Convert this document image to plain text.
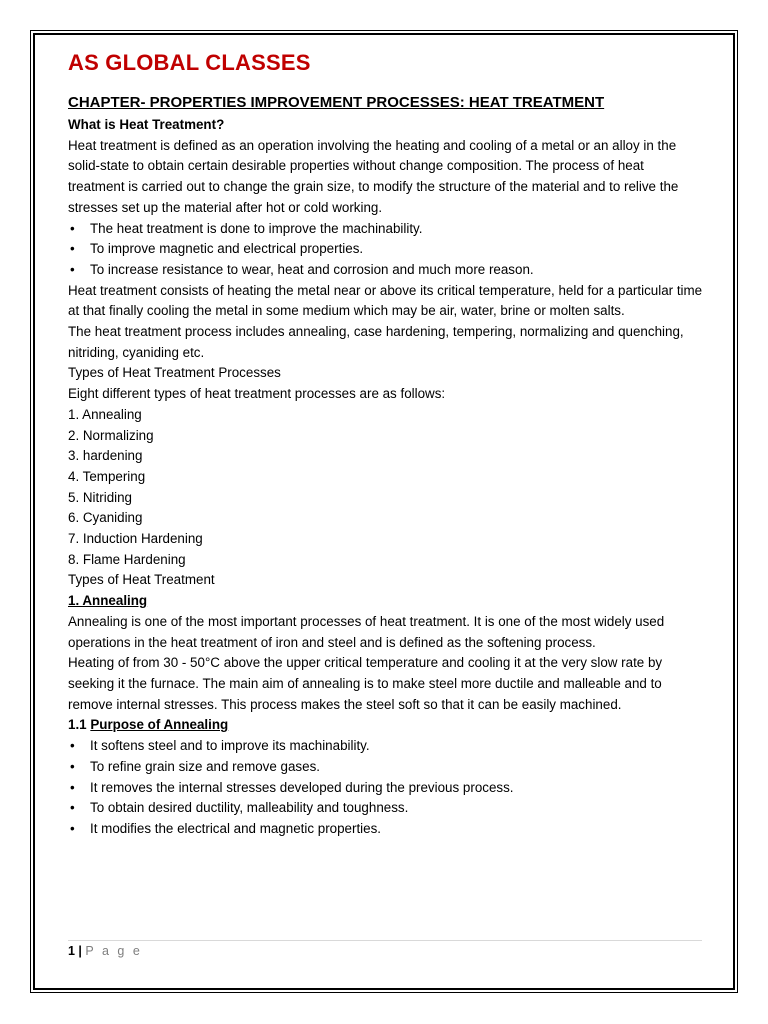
AS GLOBAL CLASSES
CHAPTER- PROPERTIES IMPROVEMENT PROCESSES: HEAT TREATMENT

What is Heat Treatment?

Heat treatment is defined as an operation involving the heating and cooling of a metal or an alloy in the solid-state to obtain certain desirable properties without change composition. The process of heat treatment is carried out to change the grain size, to modify the structure of the material and to relive the stresses set up the material after hot or cold working.

• The heat treatment is done to improve the machinability.
• To improve magnetic and electrical properties.
• To increase resistance to wear, heat and corrosion and much more reason.

Heat treatment consists of heating the metal near or above its critical temperature, held for a particular time at that finally cooling the metal in some medium which may be air, water, brine or molten salts.

The heat treatment process includes annealing, case hardening, tempering, normalizing and quenching, nitriding, cyaniding etc.

Types of Heat Treatment Processes

Eight different types of heat treatment processes are as follows:

1. Annealing
2. Normalizing
3. hardening
4. Tempering
5. Nitriding
6. Cyaniding
7. Induction Hardening
8. Flame Hardening

Types of Heat Treatment

1. Annealing

Annealing is one of the most important processes of heat treatment. It is one of the most widely used operations in the heat treatment of iron and steel and is defined as the softening process.

Heating of from 30 - 50°C above the upper critical temperature and cooling it at the very slow rate by seeking it the furnace. The main aim of annealing is to make steel more ductile and malleable and to remove internal stresses. This process makes the steel soft so that it can be easily machined.

1.1 Purpose of Annealing

• It softens steel and to improve its machinability.
• To refine grain size and remove gases.
• It removes the internal stresses developed during the previous process.
• To obtain desired ductility, malleability and toughness.
• It modifies the electrical and magnetic properties.
1 | P a g e
